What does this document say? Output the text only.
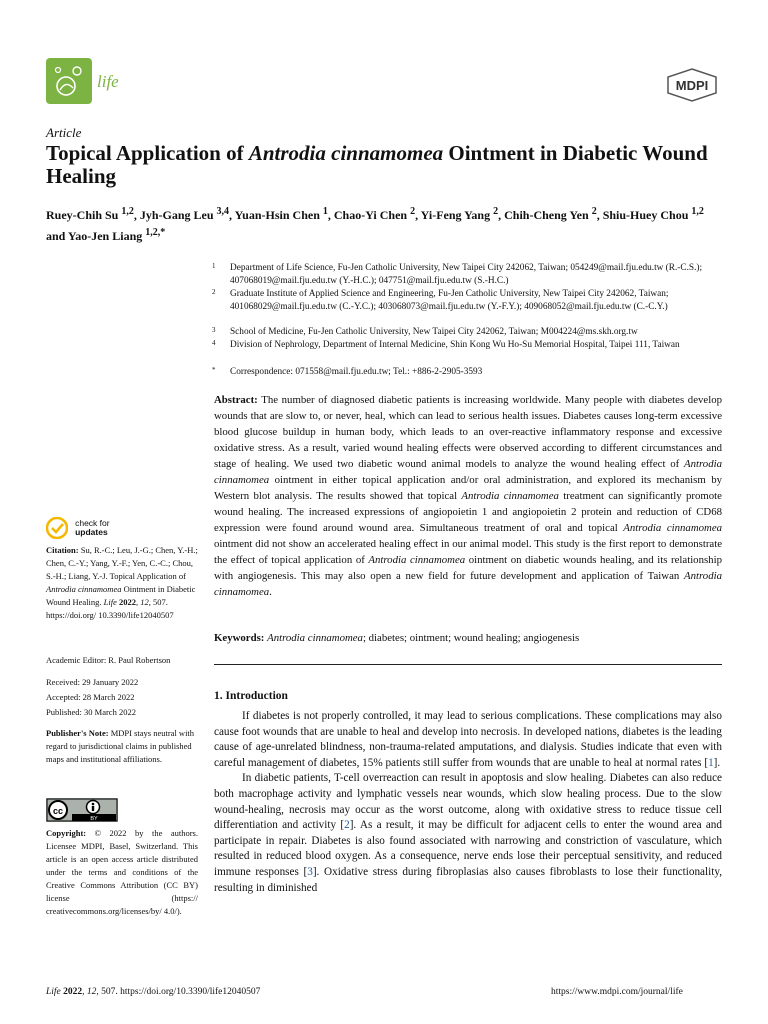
life	MDPI
Article
Topical Application of Antrodia cinnamomea Ointment in Diabetic Wound Healing
Ruey-Chih Su $^{1,2}$, Jyh-Gang Leu $^{3,4}$, Yuan-Hsin Chen $^1$, Chao-Yi Chen $^2$, Yi-Feng Yang $^2$, Chih-Cheng Yen $^2$, Shiu-Huey Chou $^{1,2}$ and Yao-Jen Liang $^{1,2,*}$
1	Department of Life Science, Fu-Jen Catholic University, New Taipei City 242062, Taiwan; 054249@mail.fju.edu.tw (R.-C.S.); 407068019@mail.fju.edu.tw (Y.-H.C.); 047751@mail.fju.edu.tw (S.-H.C.)
2	Graduate Institute of Applied Science and Engineering, Fu-Jen Catholic University, New Taipei City 242062, Taiwan; 401068029@mail.fju.edu.tw (C.-Y.C.); 403068073@mail.fju.edu.tw (Y.-F.Y.); 409068052@mail.fju.edu.tw (C.-C.Y.)
3	School of Medicine, Fu-Jen Catholic University, New Taipei City 242062, Taiwan; M004224@ms.skh.org.tw
4	Division of Nephrology, Department of Internal Medicine, Shin Kong Wu Ho-Su Memorial Hospital, Taipei 111, Taiwan
*	Correspondence: 071558@mail.fju.edu.tw; Tel.: +886-2-2905-3593
Abstract: The number of diagnosed diabetic patients is increasing worldwide. Many people with diabetes develop wounds that are slow to, or never, heal, which can lead to serious health issues. Diabetes causes long-term excessive blood glucose buildup in human body, which leads to an over-reactive inflammatory response and excessive oxidative stress. As a result, varied wound healing effects were observed according to different circumstances and stage of healing. We used two diabetic wound animal models to analyze the wound healing effect of Antrodia cinnamomea ointment in either topical application and/or oral administration, and explored its mechanism by Western blot analysis. The results showed that topical Antrodia cinnamomea treatment can significantly promote wound healing. The increased expressions of angiopoietin 1 and angiopoietin 2 protein and reduction of CD68 expression were found around wound area. Simultaneous treatment of oral and topical Antrodia cinnamomea ointment did not show an accelerated healing effect in our animal model. This study is the first report to demonstrate the effect of topical application of Antrodia cinnamomea ointment on diabetic wounds healing, and its relationship with angiogenesis. This may also open a new field for future development and application of Taiwan Antrodia cinnamomea.
Keywords: Antrodia cinnamomea; diabetes; ointment; wound healing; angiogenesis
1. Introduction

If diabetes is not properly controlled, it may lead to serious complications. These complications may also cause foot wounds that are unable to heal and develop into necrosis. In developed nations, diabetes is the leading cause of age-unrelated blindness, non-trauma-related amputations, and dialysis. Studies indicate that even with careful management of diabetes, 15% patients still suffer from wounds that are unable to heal at normal rates [1].

In diabetic patients, T-cell overreaction can result in apoptosis and slow healing. Diabetes can also reduce both macrophage activity and lymphatic vessels near wounds, which slow healing process. Due to the slow wound-healing, necrosis may occur as the worst outcome, along with oxidative stress to reduce tissue cell differentiation and activity [2]. As a result, it may be difficult for adjacent cells to enter the wound area and participate in repair. Diabetes is also found associated with narrowing and constriction of vasculature, which resulted in reduced blood oxygen. As a consequence, nerve ends lose their perceptual sensitivity, and reduced immune responses [3]. Oxidative stress during fibroplasias also causes fibroblasts to lose their functionality, resulting in diminished

check for
updates
Citation: Su, R.-C.; Leu, J.-G.; Chen, Y.-H.; Chen, C.-Y.; Yang, Y.-F.; Yen, C.-C.; Chou, S.-H.; Liang, Y.-J. Topical Application of Antrodia cinnamomea Ointment in Diabetic Wound Healing. Life 2022, 12, 507. https://doi.org/ 10.3390/life12040507
Academic Editor: R. Paul Robertson
Received: 29 January 2022
Accepted: 28 March 2022
Published: 30 March 2022
Publisher's Note: MDPI stays neutral with regard to jurisdictional claims in published maps and institutional affiliations.
cc
BY
Copyright: © 2022 by the authors. Licensee MDPI, Basel, Switzerland. This article is an open access article distributed under the terms and conditions of the Creative Commons Attribution (CC BY) license (https:// creativecommons.org/licenses/by/ 4.0/).
Life 2022, 12, 507. https://doi.org/10.3390/life12040507	https://www.mdpi.com/journal/life
